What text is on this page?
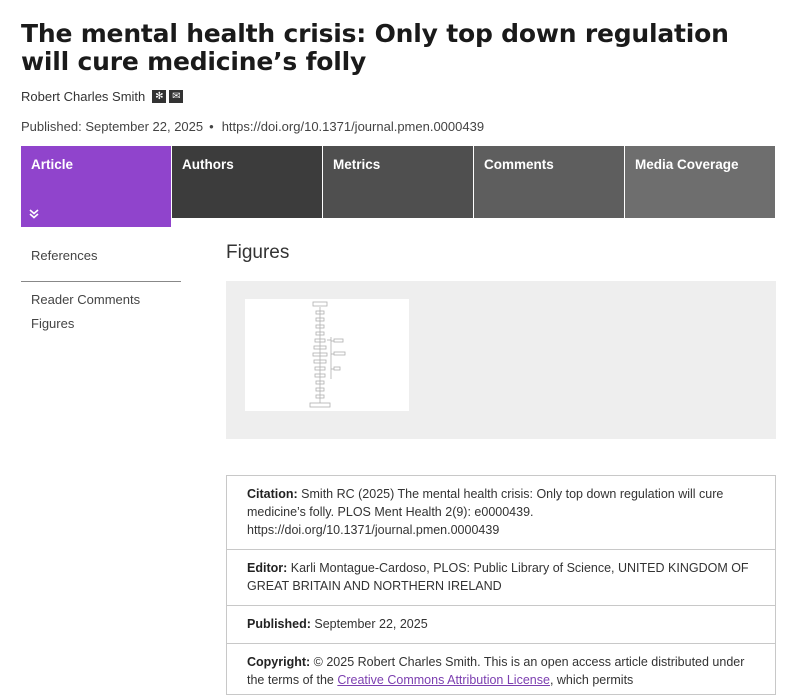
The mental health crisis: Only top down regulation will cure medicine’s folly
Robert Charles Smith ✻ ✉
Published: September 22, 2025 • https://doi.org/10.1371/journal.pmen.0000439
Article	Authors	Metrics	Comments	Media Coverage
References
Reader Comments
Figures
Figures
Citation: Smith RC (2025) The mental health crisis: Only top down regulation will cure medicine’s folly. PLOS Ment Health 2(9): e0000439. https://doi.org/10.1371/journal.pmen.0000439
Editor: Karli Montague-Cardoso, PLOS: Public Library of Science, UNITED KINGDOM OF GREAT BRITAIN AND NORTHERN IRELAND
Published: September 22, 2025
Copyright: © 2025 Robert Charles Smith. This is an open access article distributed under the terms of the Creative Commons Attribution License, which permits
